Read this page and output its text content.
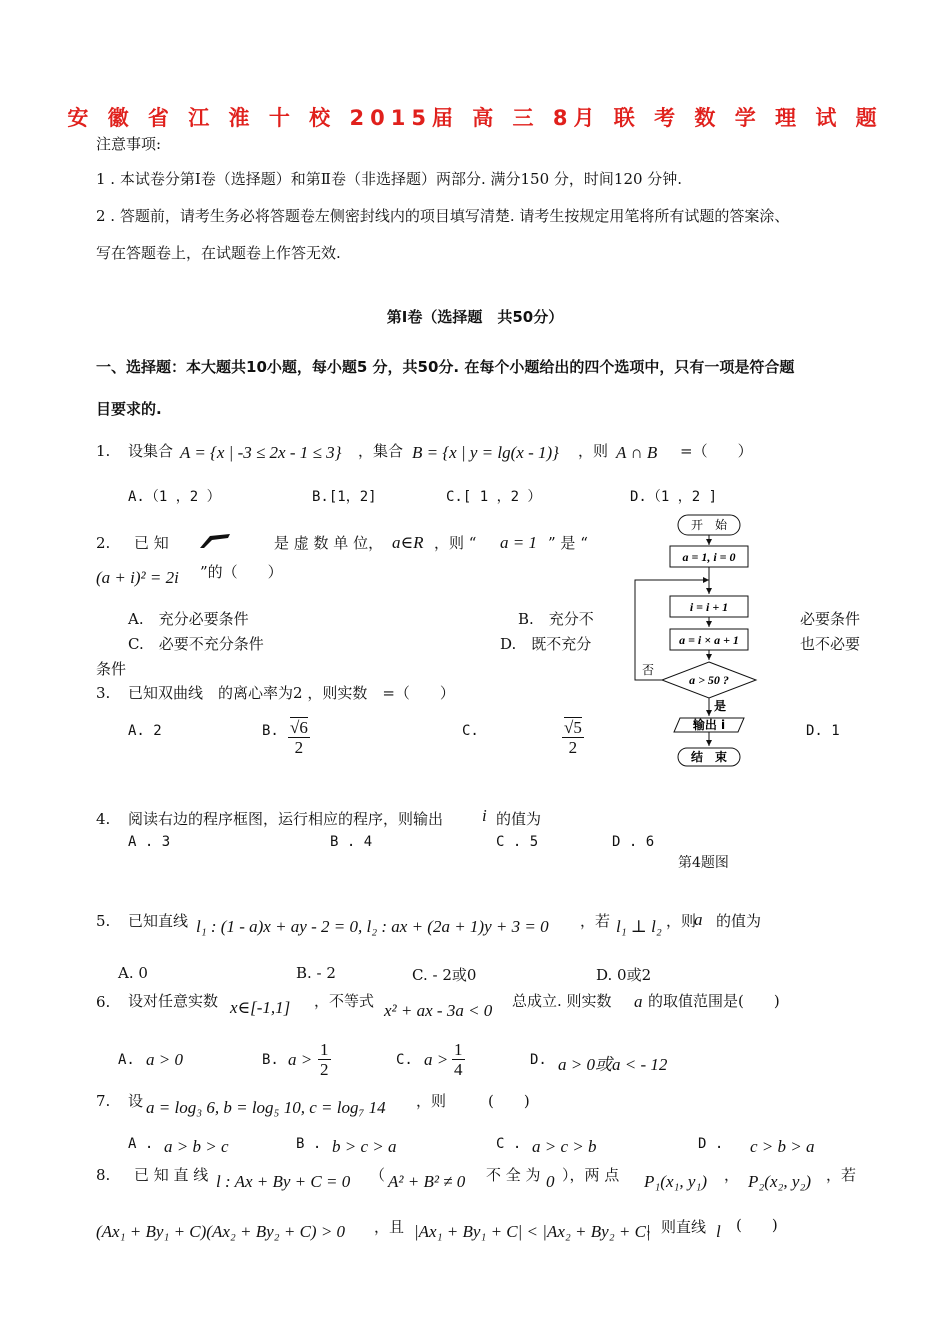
安 徽 省 江 淮 十 校 2015届 高 三 8月 联 考 数 学 理 试 题
注意事项:
1 . 本试卷分第Ⅰ卷（选择题）和第Ⅱ卷（非选择题）两部分. 满分150 分，时间120 分钟.
2 . 答题前，请考生务必将答题卷左侧密封线内的项目填写清楚. 请考生按规定用笔将所有试题的答案涂、
写在答题卷上，在试题卷上作答无效.
第Ⅰ卷（选择题　共50分）
一、选择题：本大题共10小题，每小题5 分，共50分. 在每个小题给出的四个选项中，只有一项是符合题
目要求的.
1. 设集合 A = {x | -3 ≤ 2x - 1 ≤ 3} ，集合 B = {x | y = lg(x - 1)} ，则 A ∩ B =（　　）
A.（1 ，2 ）	B.[1，2]	C.[ 1 ，2 ）	D.（1 ，2 ]
2. 已 知	是 虚 数 单 位， a∈R ，则 “ a = 1 ” 是 “
(a + i)² = 2i ”的（　　）
A.　充分必要条件	B.　充分不	必要条件
C.　必要不充分条件	D.　既不充分	也不必要
条件
3. 已知双曲线　的离心率为2 ，则实数　=（　　）
A. 2	B. $\frac{√6}{2}$	C.	$\frac{√5}{2}$	D. 1
开　始
a = 1, i = 0
i = i + 1
a = i × a + 1
a > 50 ?
否
是
输出 i
结　束
第4题图
4. 阅读右边的程序框图，运行相应的程序，则输出 i 的值为
A . 3	B . 4	C . 5	D . 6
5. 已知直线 l₁ : (1 - a)x + ay - 2 = 0, l₂ : ax + (2a + 1)y + 3 = 0 ，若 l₁ ⊥ l₂ ，则
a 的值为
A. 0	B. - 2	C. - 2或0	D. 0或2
6. 设对任意实数 x∈[-1,1] ，不等式 x² + ax - 3a < 0 总成立. 则实数 a 的取值范围是(　　)
A. a > 0	B. $a > \frac{1}{2}$	C. $a > \frac{1}{4}$	D. a > 0或a < - 12
7. 设 a = log₃ 6, b = log₅ 10, c = log₇ 14 ，则	(　　)
A . a > b > c	B . b > c > a	C . a > c > b	D . c > b > a
8. 已 知 直 线 l : Ax + By + C = 0 （ A² + B² ≠ 0 不 全 为 0 ），两 点 P₁(x₁, y₁) ， P₂(x₂, y₂) ，若
(Ax₁ + By₁ + C)(Ax₂ + By₂ + C) > 0 ，且 |Ax₁ + By₁ + C| < |Ax₂ + By₂ + C|
，则直线 l (　　)
